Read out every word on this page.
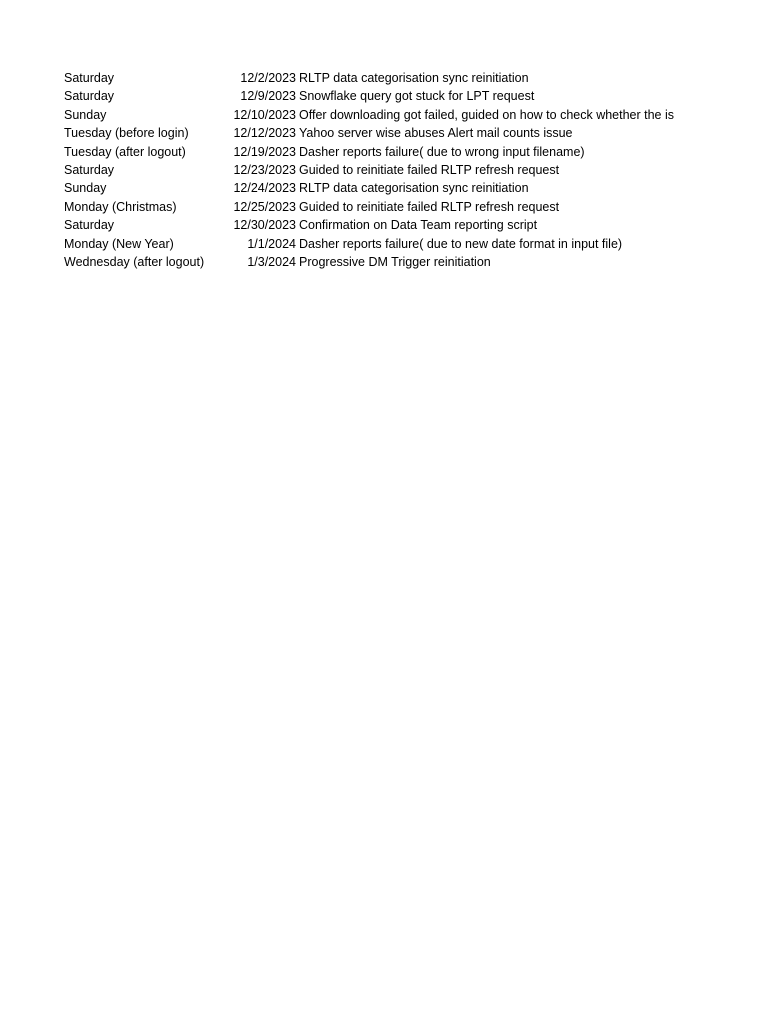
Saturday	12/2/2023 RLTP data categorisation sync reinitiation
Saturday	12/9/2023 Snowflake query got stuck for LPT request
Sunday	12/10/2023 Offer downloading got failed, guided on how to check whether the is
Tuesday (before login)	12/12/2023 Yahoo server wise abuses Alert mail counts issue
Tuesday (after logout)	12/19/2023 Dasher reports failure( due to wrong input filename)
Saturday	12/23/2023 Guided to reinitiate failed RLTP refresh request
Sunday	12/24/2023 RLTP data categorisation sync reinitiation
Monday (Christmas)	12/25/2023 Guided to reinitiate failed RLTP refresh request
Saturday	12/30/2023 Confirmation on Data Team reporting script
Monday (New Year)	1/1/2024 Dasher reports failure( due to new date format in input file)
Wednesday (after logout)	1/3/2024 Progressive DM Trigger reinitiation
